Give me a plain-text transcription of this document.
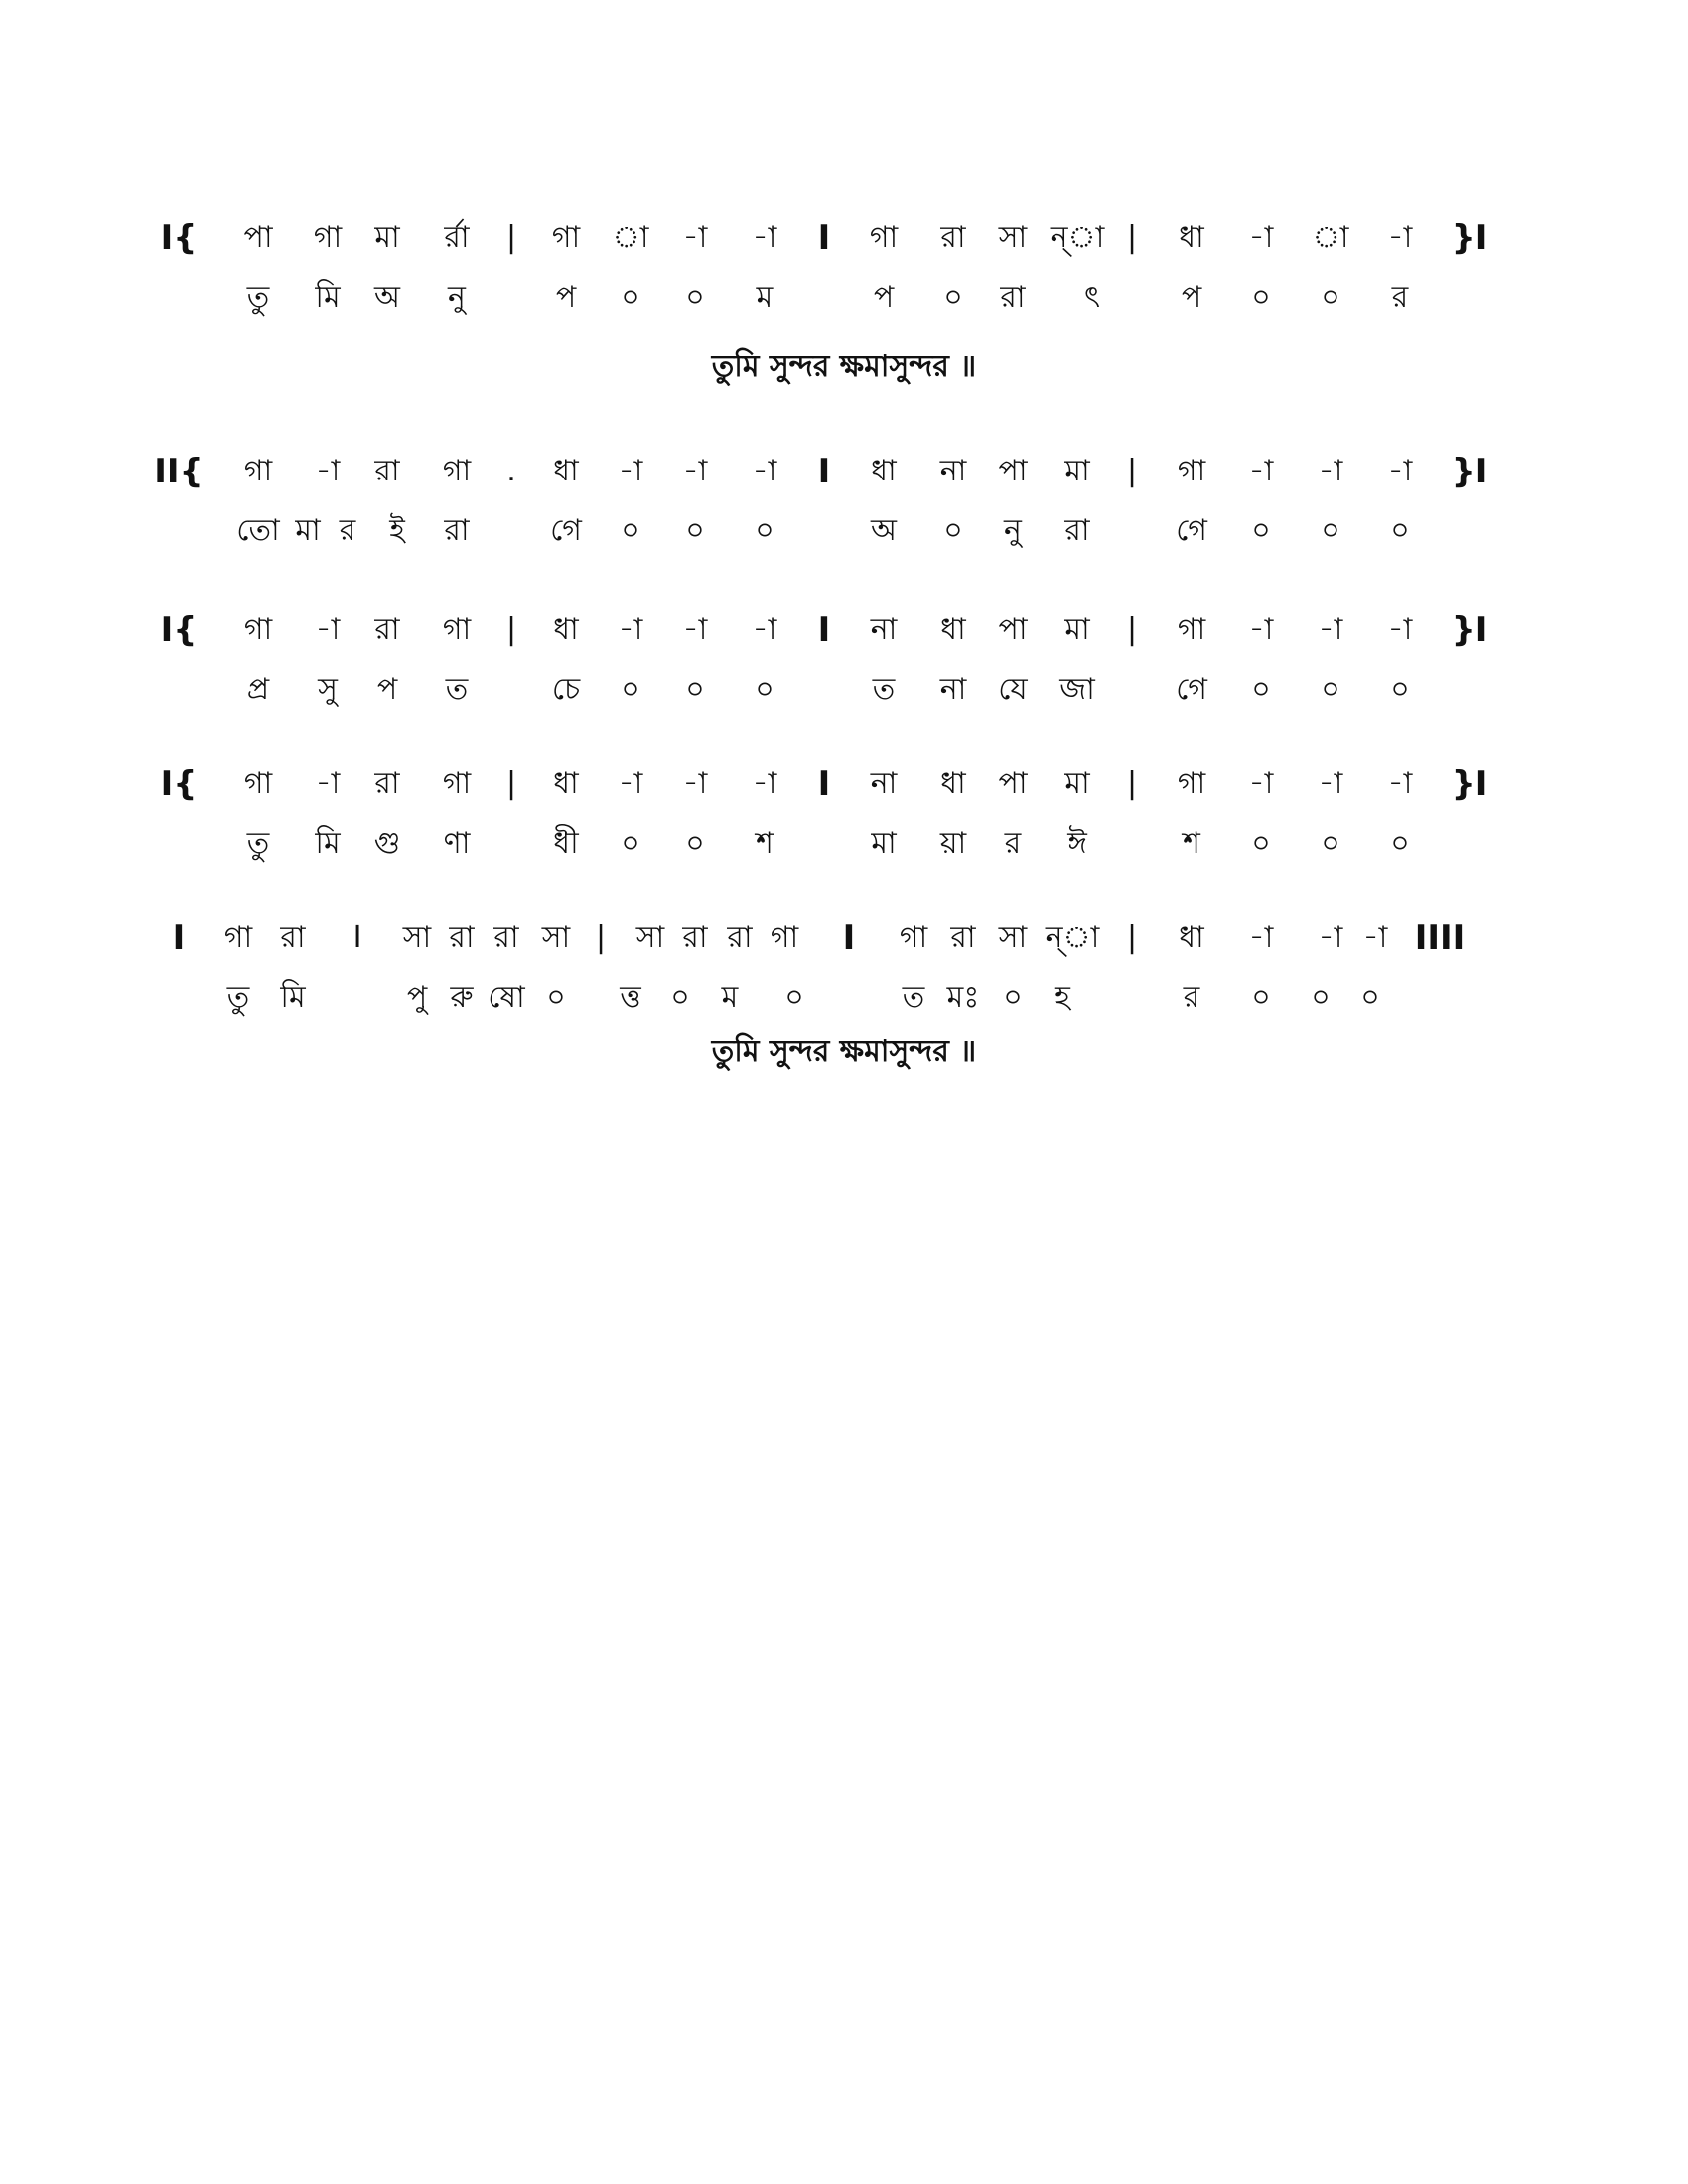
I{ পা গা মা র্রা | গা া -া -া I গা রা সা ন্‌া | ধা -া া -া }I
তু মি অ নু	প ০ ০ ম	প ০ রা ৎ	প ০ ০ র
তুমি সুন্দর ক্ষমাসুন্দর ॥
II{ গা -া রা গা . ধা -া -া -া I ধা না পা মা | গা -া -া -া }I
তো মা র ই রা	গে ০ ০ ০	অ ০ নু রা	গে ০ ০ ০
I{ গা -া রা গা | ধা -া -া -া I না ধা পা মা | গা -া -া -া }I
প্র সু প ত	চে ০ ০ ০	ত না যে জা	গে ০ ০ ০
I{ গা -া রা গা | ধা -া -া -া I না ধা পা মা | গা -া -া -া }I
তু মি গু ণা	ধী ০ ০ শ	মা য়া র ঈ	শ ০ ০ ০
I গা রা I সা রা রা সা | সা রা রা গা I গা রা সা ন্‌া | ধা -া -া -া IIII
তু মি	পু রু ষো ০ ত্ত ০ ম ০	ত মঃ ০ হ	র ০ ০ ০
তুমি সুন্দর ক্ষমাসুন্দর ॥
